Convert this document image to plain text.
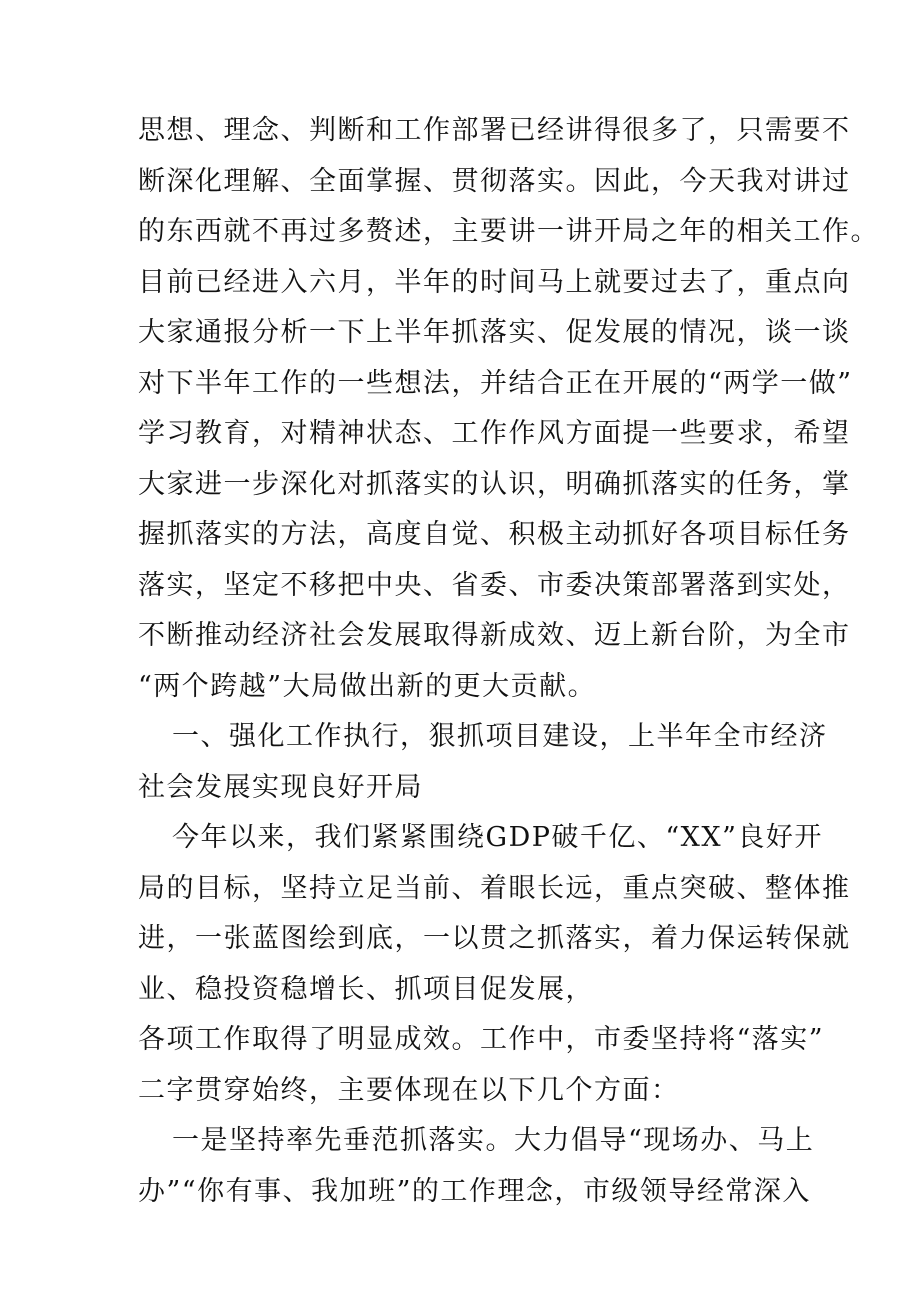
思想、理念、判断和工作部署已经讲得很多了，只需要不
断深化理解、全面掌握、贯彻落实。因此，今天我对讲过
的东西就不再过多赘述，主要讲一讲开局之年的相关工作。
目前已经进入六月，半年的时间马上就要过去了，重点向
大家通报分析一下上半年抓落实、促发展的情况，谈一谈
对下半年工作的一些想法，并结合正在开展的“两学一做”
学习教育，对精神状态、工作作风方面提一些要求，希望
大家进一步深化对抓落实的认识，明确抓落实的任务，掌
握抓落实的方法，高度自觉、积极主动抓好各项目标任务
落实，坚定不移把中央、省委、市委决策部署落到实处，
不断推动经济社会发展取得新成效、迈上新台阶，为全市
“两个跨越”大局做出新的更大贡献。
一、强化工作执行，狠抓项目建设，上半年全市经济
社会发展实现良好开局
今年以来，我们紧紧围绕GDP破千亿、“XX”良好开
局的目标，坚持立足当前、着眼长远，重点突破、整体推
进，一张蓝图绘到底，一以贯之抓落实，着力保运转保就
业、稳投资稳增长、抓项目促发展，
各项工作取得了明显成效。工作中，市委坚持将“落实”
二字贯穿始终，主要体现在以下几个方面：
一是坚持率先垂范抓落实。大力倡导“现场办、马上
办”“你有事、我加班”的工作理念，市级领导经常深入
